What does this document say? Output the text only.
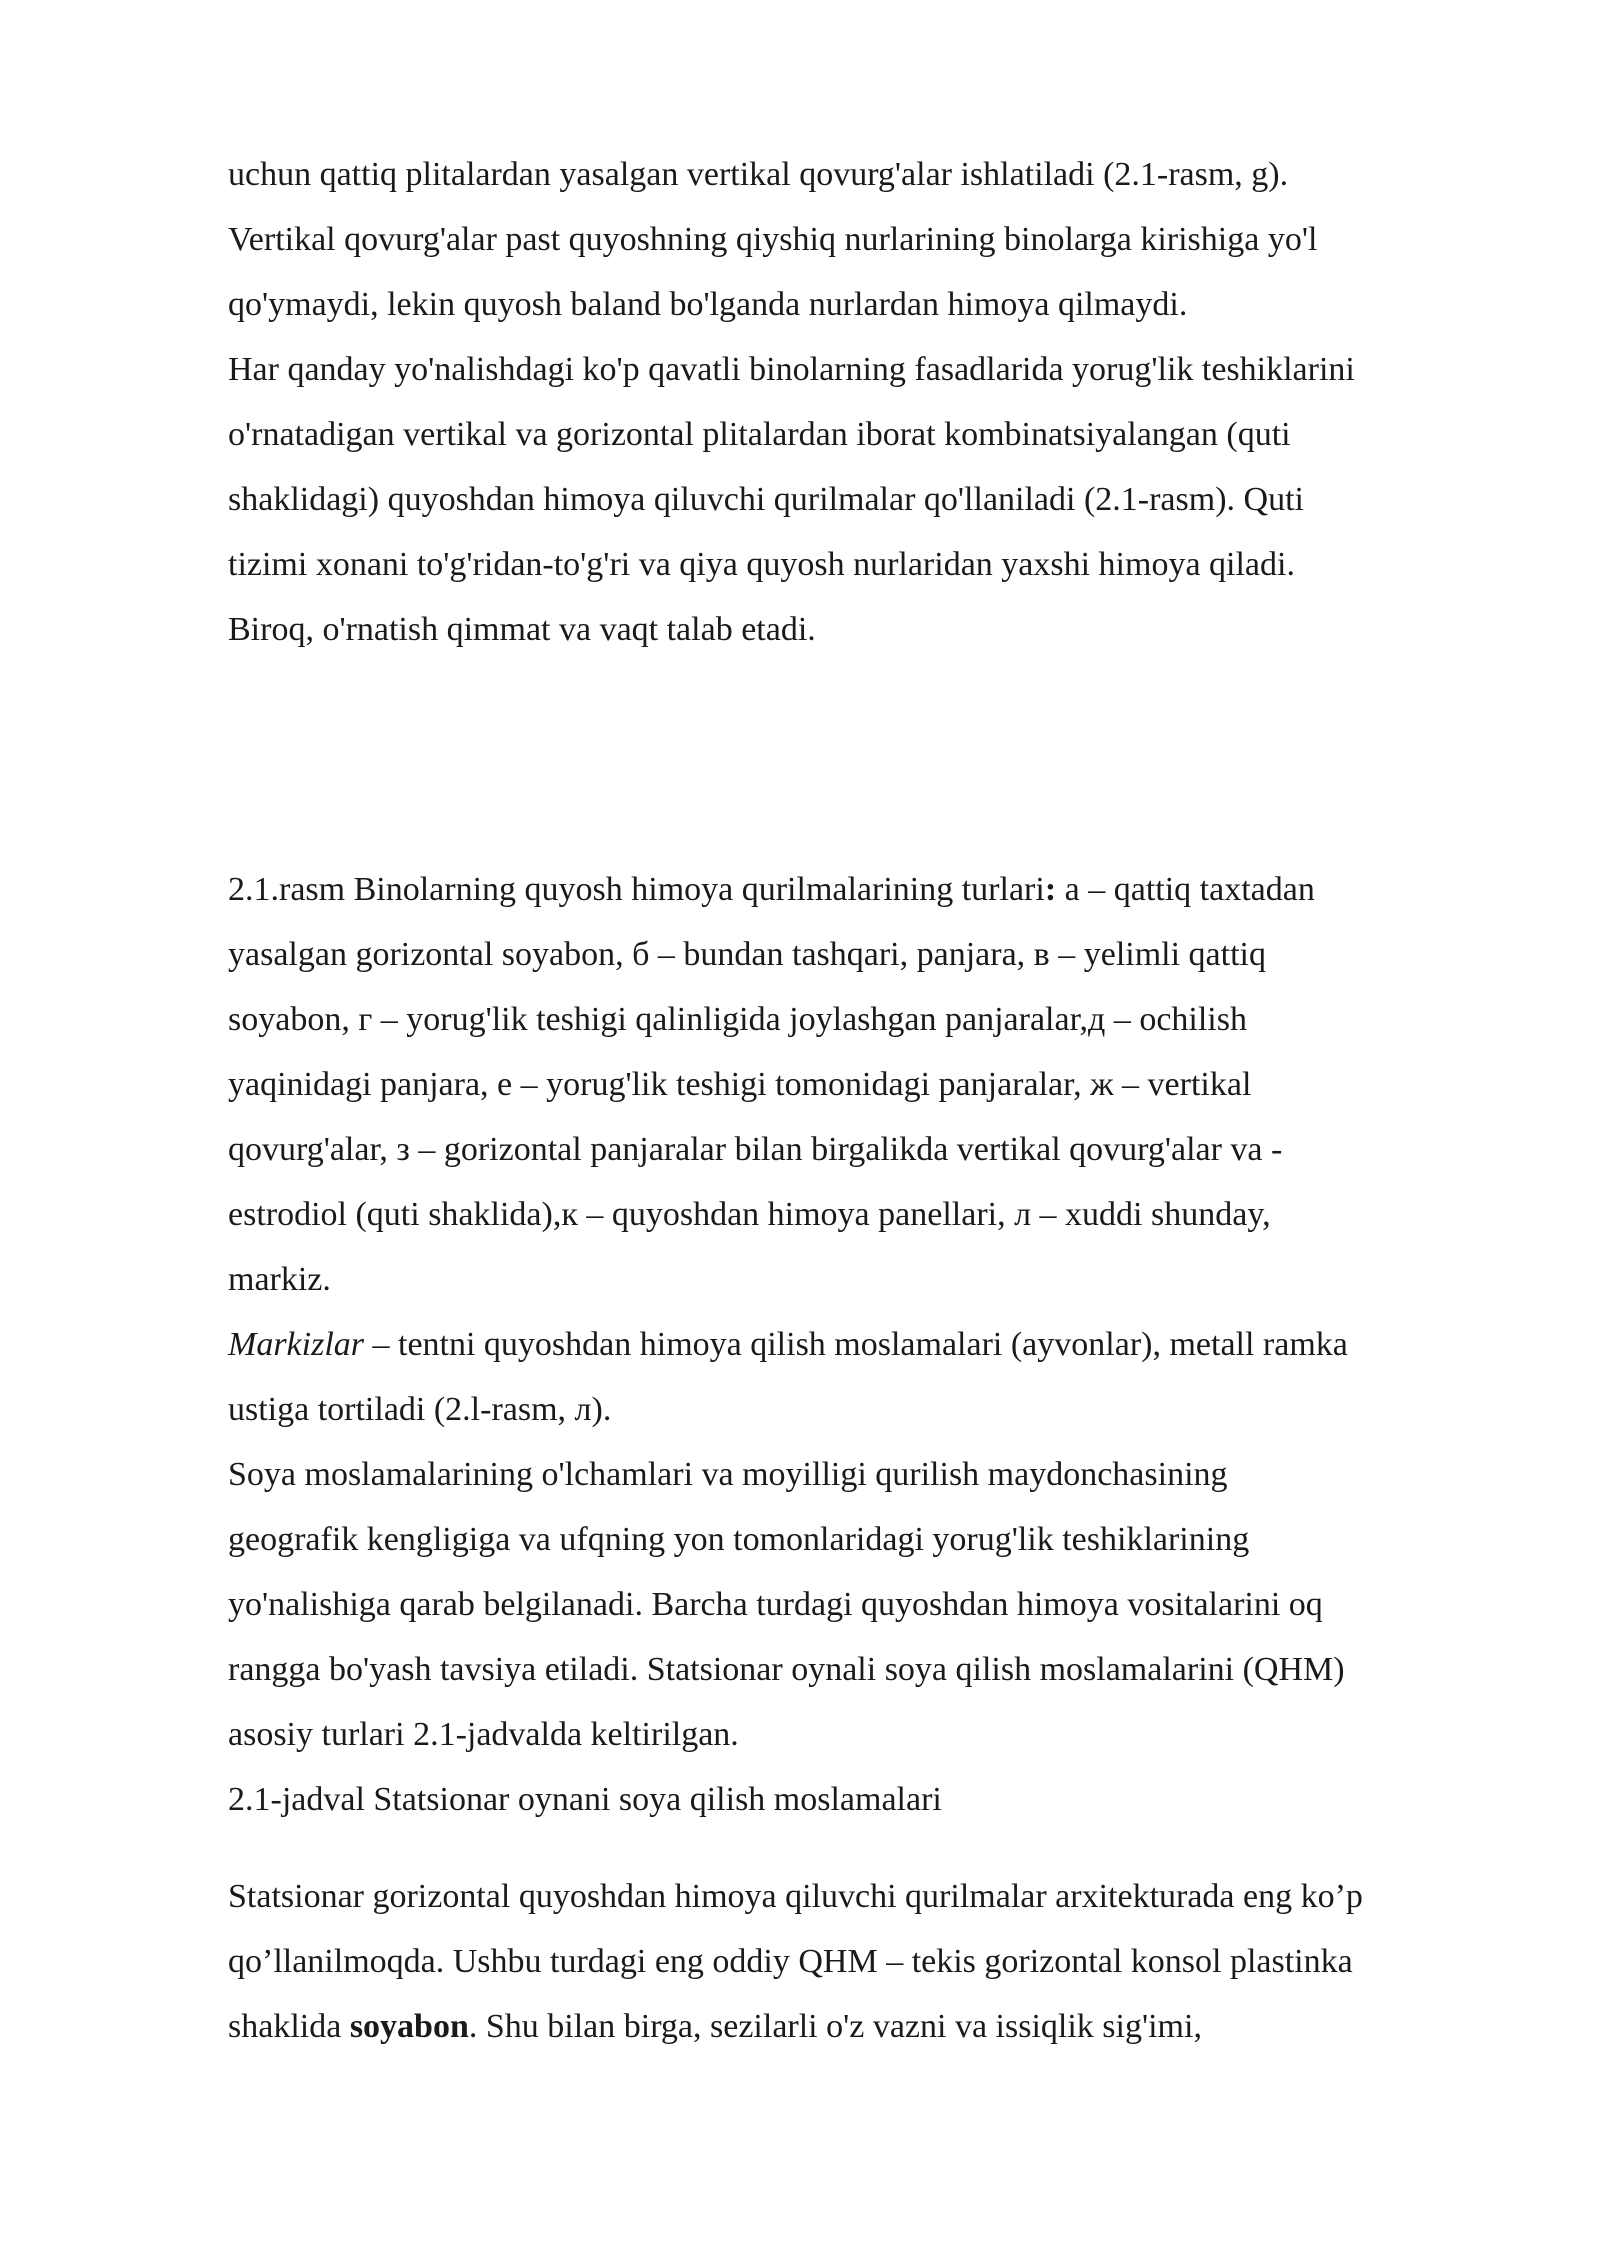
uchun qattiq plitalardan yasalgan vertikal qovurg'alar ishlatiladi (2.1-rasm, g).

Vertikal qovurg'alar past quyoshning qiyshiq nurlarining binolarga kirishiga yo'l

qo'ymaydi, lekin quyosh baland bo'lganda nurlardan himoya qilmaydi.

Har qanday yo'nalishdagi ko'p qavatli binolarning fasadlarida yorug'lik teshiklarini

o'rnatadigan vertikal va gorizontal plitalardan iborat kombinatsiyalangan (quti

shaklidagi) quyoshdan himoya qiluvchi qurilmalar qo'llaniladi (2.1-rasm). Quti

tizimi xonani to'g'ridan-to'g'ri va qiya quyosh nurlaridan yaxshi himoya qiladi.

Biroq, o'rnatish qimmat va vaqt talab etadi.

2.1.rasm Binolarning quyosh himoya qurilmalarining turlari: а – qattiq taxtadan

yasalgan gorizontal soyabon, б – bundan tashqari, panjara, в – yelimli qattiq

soyabon, г – yorug'lik teshigi qalinligida joylashgan panjaralar,д – ochilish

yaqinidagi panjara, е – yorug'lik teshigi tomonidagi panjaralar, ж – vertikal

qovurg'alar, з – gorizontal panjaralar bilan birgalikda vertikal qovurg'alar va -

estrodiol (quti shaklida),к – quyoshdan himoya panellari, л – xuddi shunday,

markiz.

Markizlar – tentni quyoshdan himoya qilish moslamalari (ayvonlar), metall ramka

ustiga tortiladi (2.l-rasm, л).

Soya moslamalarining o'lchamlari va moyilligi qurilish maydonchasining

geografik kengligiga va ufqning yon tomonlaridagi yorug'lik teshiklarining

yo'nalishiga qarab belgilanadi. Barcha turdagi quyoshdan himoya vositalarini oq

rangga bo'yash tavsiya etiladi. Statsionar oynali soya qilish moslamalarini (QHM)

asosiy turlari 2.1-jadvalda keltirilgan.

2.1-jadval Statsionar oynani soya qilish moslamalari

Statsionar gorizontal quyoshdan himoya qiluvchi qurilmalar arxitekturada eng ko’p

qo’llanilmoqda. Ushbu turdagi eng oddiy QHM – tekis gorizontal konsol plastinka

shaklida soyabon. Shu bilan birga, sezilarli o'z vazni va issiqlik sig'imi,
